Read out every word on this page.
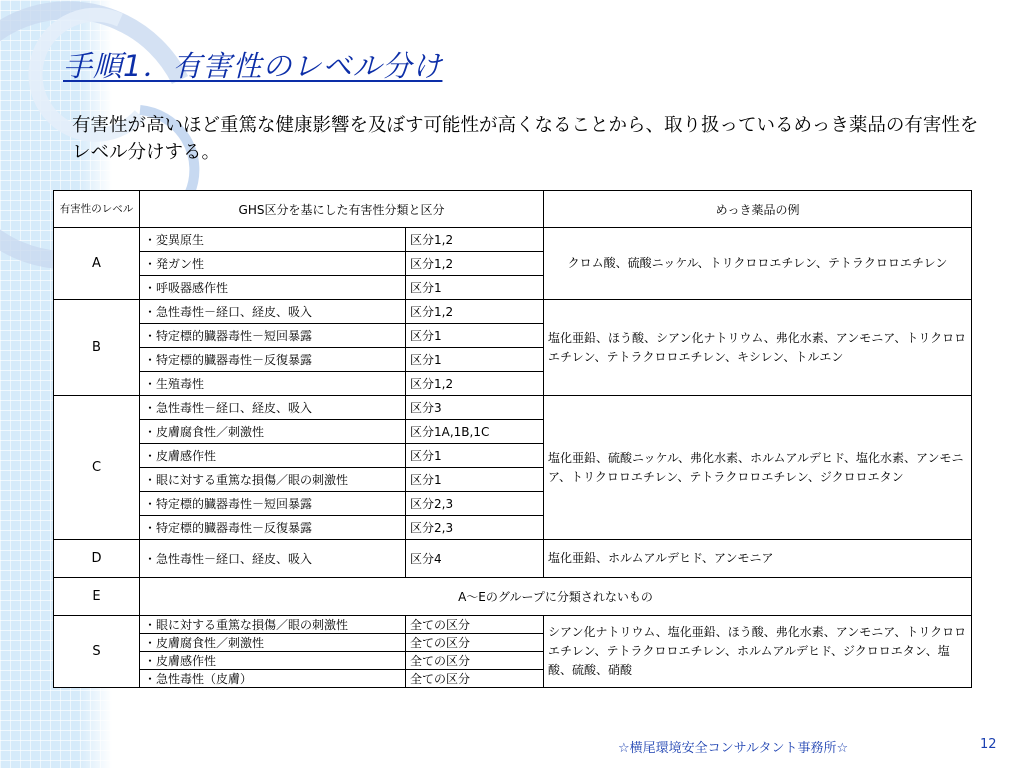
手順1．有害性のレベル分け
有害性が高いほど重篤な健康影響を及ぼす可能性が高くなることから、取り扱っているめっき薬品の有害性をレベル分けする。
有害性のレベル	GHS区分を基にした有害性分類と区分		めっき薬品の例
A	・変異原生	区分1,2	クロム酸、硫酸ニッケル、トリクロロエチレン、テトラクロロエチレン
	・発ガン性	区分1,2	
	・呼吸器感作性	区分1	
B	・急性毒性－経口、経皮、吸入	区分1,2	塩化亜鉛、ほう酸、シアン化ナトリウム、弗化水素、アンモニア、トリクロロエチレン、テトラクロロエチレン、キシレン、トルエン
	・特定標的臓器毒性－短回暴露	区分1	
	・特定標的臓器毒性－反復暴露	区分1	
	・生殖毒性	区分1,2	
C	・急性毒性－経口、経皮、吸入	区分3	塩化亜鉛、硫酸ニッケル、弗化水素、ホルムアルデヒド、塩化水素、アンモニア、トリクロロエチレン、テトラクロロエチレン、ジクロロエタン
	・皮膚腐食性／刺激性	区分1A,1B,1C	
	・皮膚感作性	区分1	
	・眼に対する重篤な損傷／眼の刺激性	区分1	
	・特定標的臓器毒性－短回暴露	区分2,3	
	・特定標的臓器毒性－反復暴露	区分2,3	
D	・急性毒性－経口、経皮、吸入	区分4	塩化亜鉛、ホルムアルデヒド、アンモニア
E	A～Eのグループに分類されないもの		
S	・眼に対する重篤な損傷／眼の刺激性	全ての区分	シアン化ナトリウム、塩化亜鉛、ほう酸、弗化水素、アンモニア、トリクロロエチレン、テトラクロロエチレン、ホルムアルデヒド、ジクロロエタン、塩酸、硫酸、硝酸
	・皮膚腐食性／刺激性	全ての区分	
	・皮膚感作性	全ての区分	
	・急性毒性（皮膚）	全ての区分	
☆横尾環境安全コンサルタント事務所☆	12
